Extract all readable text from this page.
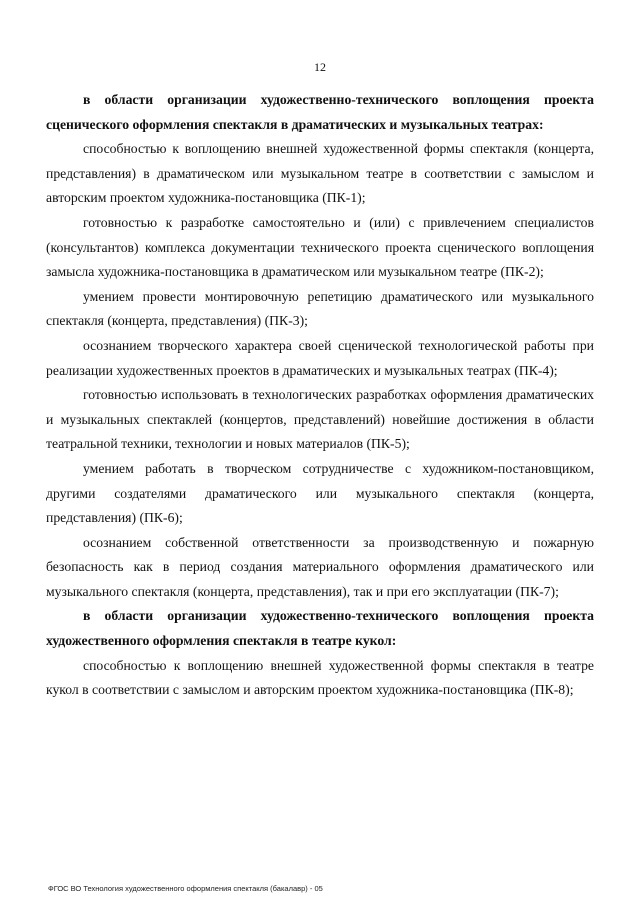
12

в области организации художественно-технического воплощения проекта сценического оформления спектакля в драматических и музыкальных театрах:

способностью к воплощению внешней художественной формы спектакля (концерта, представления) в драматическом или музыкальном театре в соответствии с замыслом и авторским проектом художника-постановщика (ПК-1);

готовностью к разработке самостоятельно и (или) с привлечением специалистов (консультантов) комплекса документации технического проекта сценического воплощения замысла художника-постановщика в драматическом или музыкальном театре (ПК-2);

умением провести монтировочную репетицию драматического или музыкального спектакля (концерта, представления) (ПК-3);

осознанием творческого характера своей сценической технологической работы при реализации художественных проектов в драматических и музыкальных театрах (ПК-4);

готовностью использовать в технологических разработках оформления драматических и музыкальных спектаклей (концертов, представлений) новейшие достижения в области театральной техники, технологии и новых материалов (ПК-5);

умением работать в творческом сотрудничестве с художником-постановщиком, другими создателями драматического или музыкального спектакля (концерта, представления) (ПК-6);

осознанием собственной ответственности за производственную и пожарную безопасность как в период создания материального оформления драматического или музыкального спектакля (концерта, представления), так и при его эксплуатации (ПК-7);

в области организации художественно-технического воплощения проекта художественного оформления спектакля в театре кукол:

способностью к воплощению внешней художественной формы спектакля в театре кукол в соответствии с замыслом и авторским проектом художника-постановщика (ПК-8);

ФГОС ВО Технология художественного оформления спектакля (бакалавр) - 05
